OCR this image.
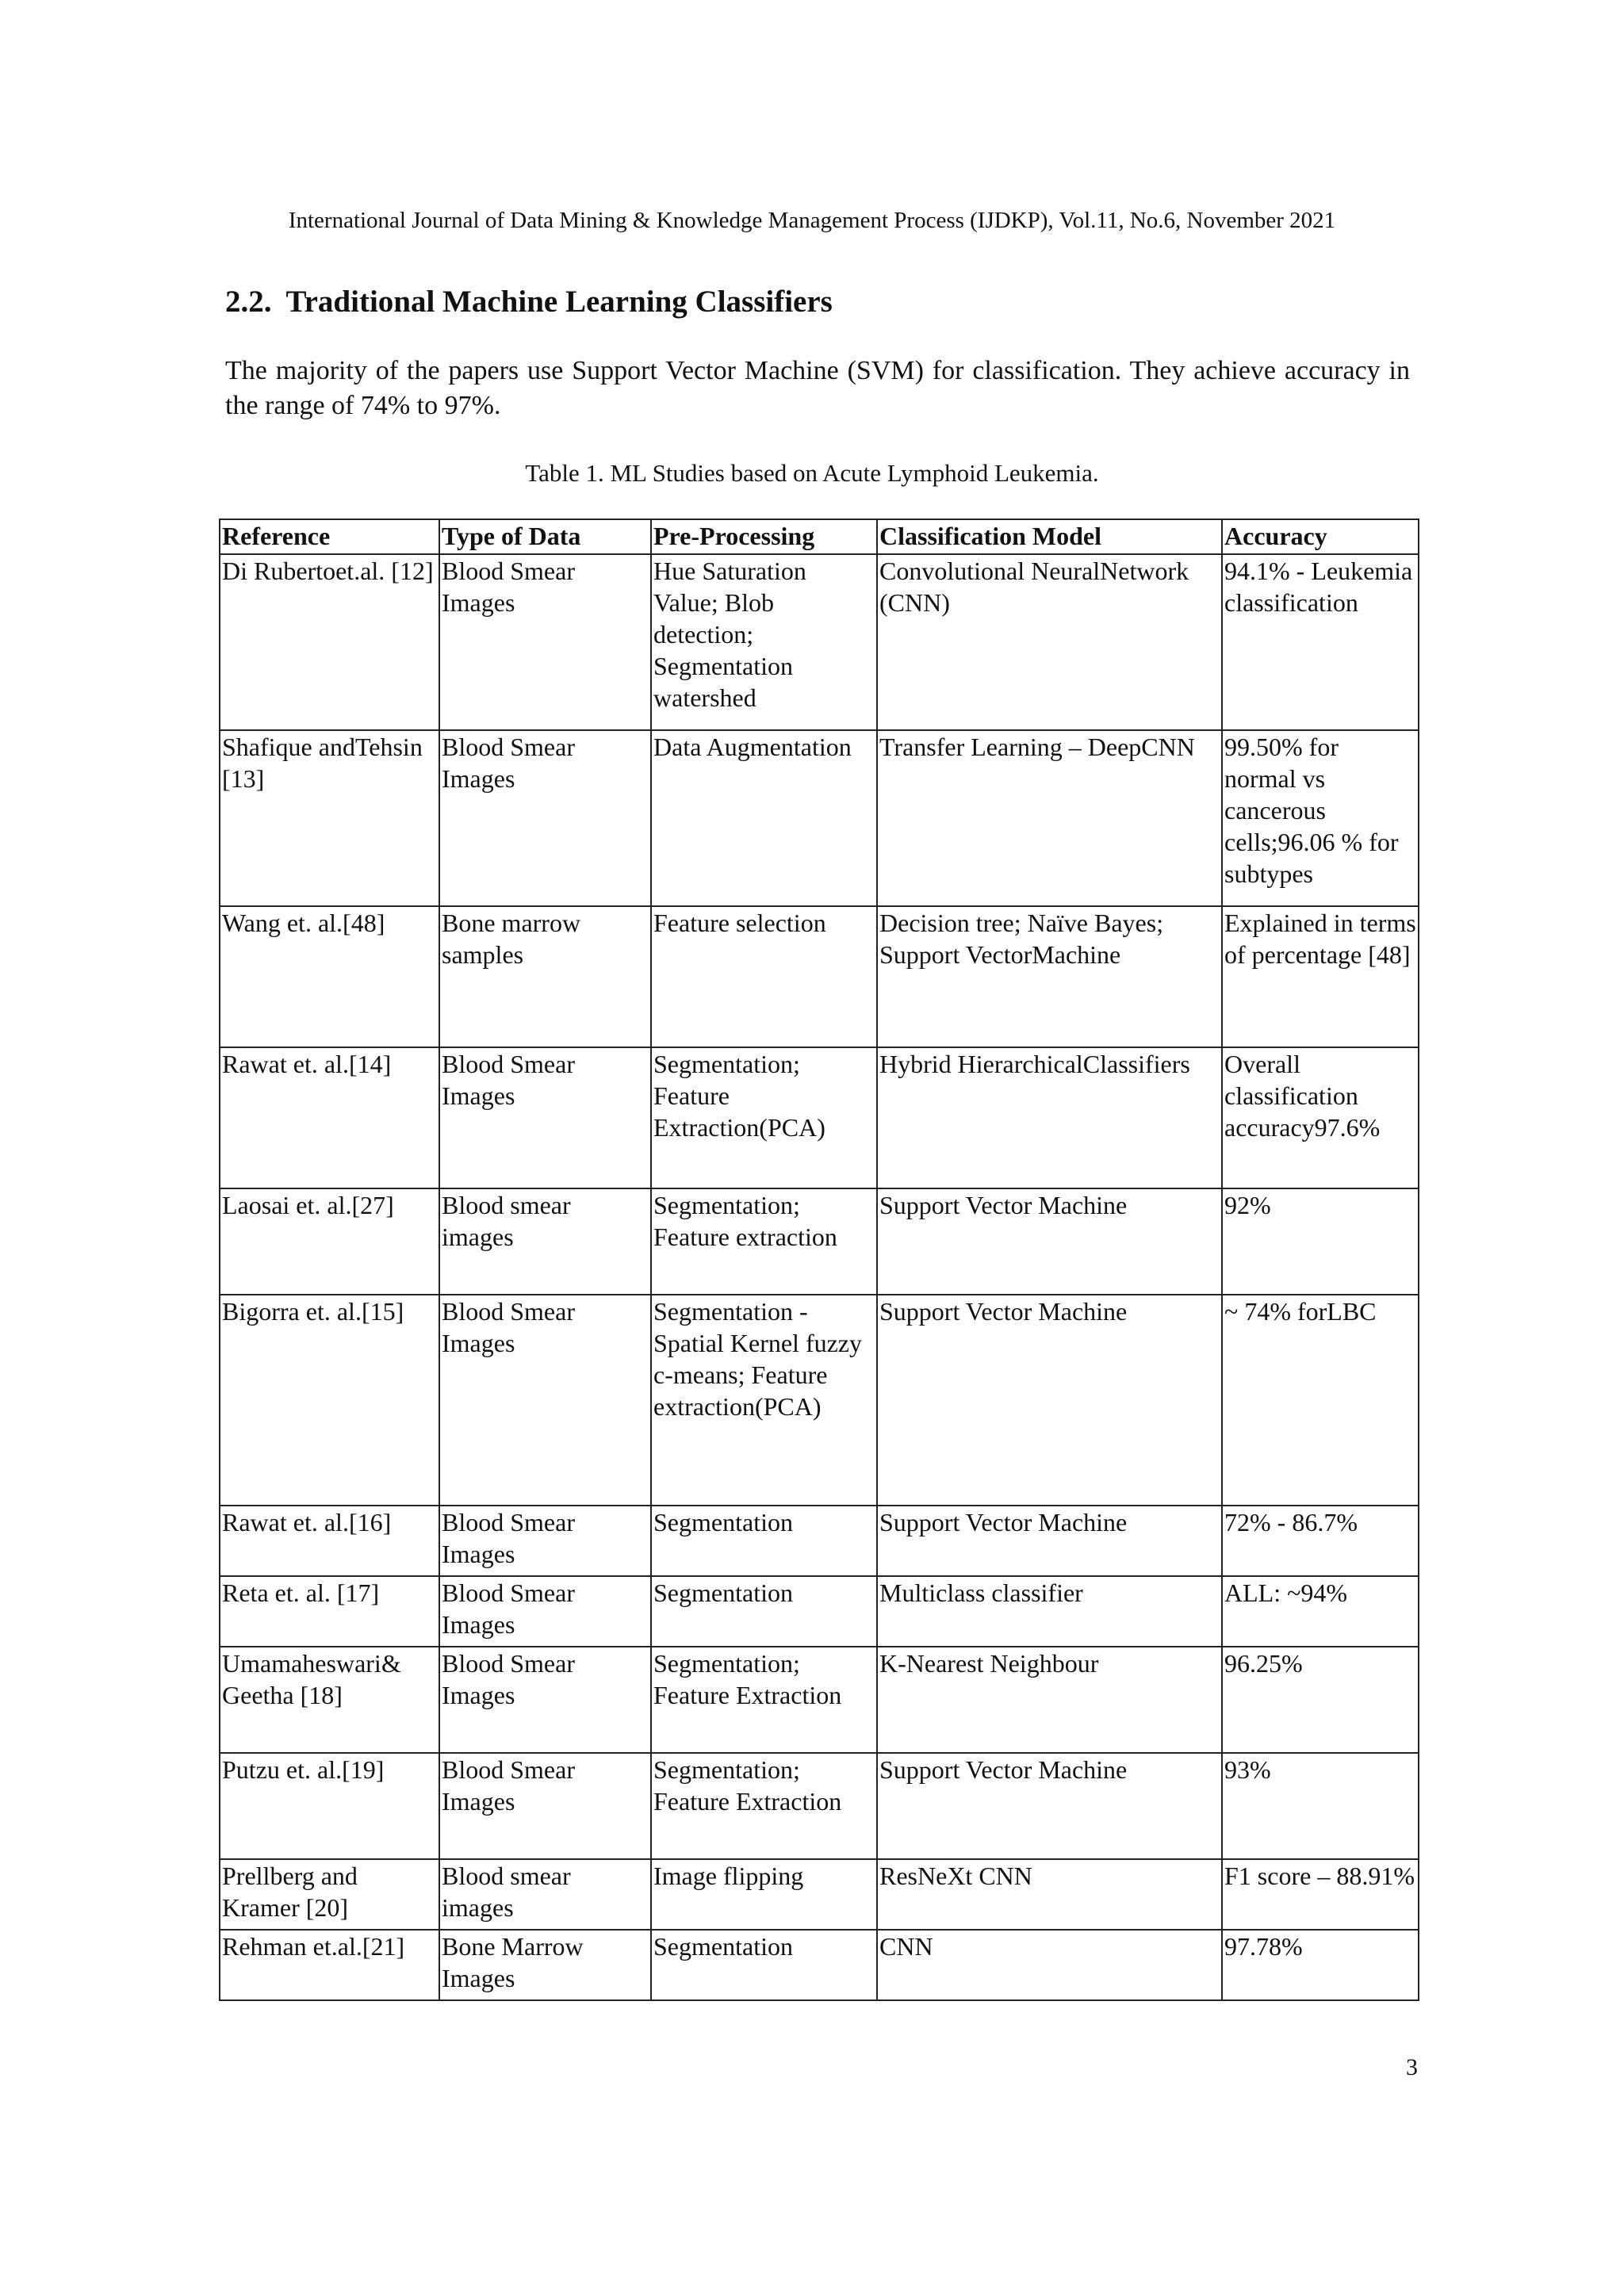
International Journal of Data Mining & Knowledge Management Process (IJDKP), Vol.11, No.6, November 2021
2.2. Traditional Machine Learning Classifiers

The majority of the papers use Support Vector Machine (SVM) for classification. They achieve accuracy in the range of 74% to 97%.

Table 1. ML Studies based on Acute Lymphoid Leukemia.
Reference	Type of Data	Pre-Processing	Classification Model	Accuracy
Di Rubertoet.al. [12]	Blood Smear Images	Hue Saturation Value; Blob detection; Segmentation watershed	Convolutional NeuralNetwork (CNN)	94.1% - Leukemia classification
Shafique andTehsin [13]	Blood Smear Images	Data Augmentation	Transfer Learning – DeepCNN	99.50% for normal vs cancerous cells;96.06 % for subtypes
Wang et. al.[48]	Bone marrow samples	Feature selection	Decision tree; Naïve Bayes; Support VectorMachine	Explained in terms of percentage [48]
Rawat et. al.[14]	Blood Smear Images	Segmentation; Feature Extraction(PCA)	Hybrid HierarchicalClassifiers	Overall classification accuracy97.6%
Laosai et. al.[27]	Blood smear images	Segmentation; Feature extraction	Support Vector Machine	92%
Bigorra et. al.[15]	Blood Smear Images	Segmentation - Spatial Kernel fuzzy c-means; Feature extraction(PCA)	Support Vector Machine	~ 74% forLBC
Rawat et. al.[16]	Blood Smear Images	Segmentation	Support Vector Machine	72% - 86.7%
Reta et. al. [17]	Blood Smear Images	Segmentation	Multiclass classifier	ALL: ~94%
Umamaheswari& Geetha [18]	Blood Smear Images	Segmentation; Feature Extraction	K-Nearest Neighbour	96.25%
Putzu et. al.[19]	Blood Smear Images	Segmentation; Feature Extraction	Support Vector Machine	93%
Prellberg and Kramer [20]	Blood smear images	Image flipping	ResNeXt CNN	F1 score – 88.91%
Rehman et.al.[21]	Bone Marrow Images	Segmentation	CNN	97.78%
3
